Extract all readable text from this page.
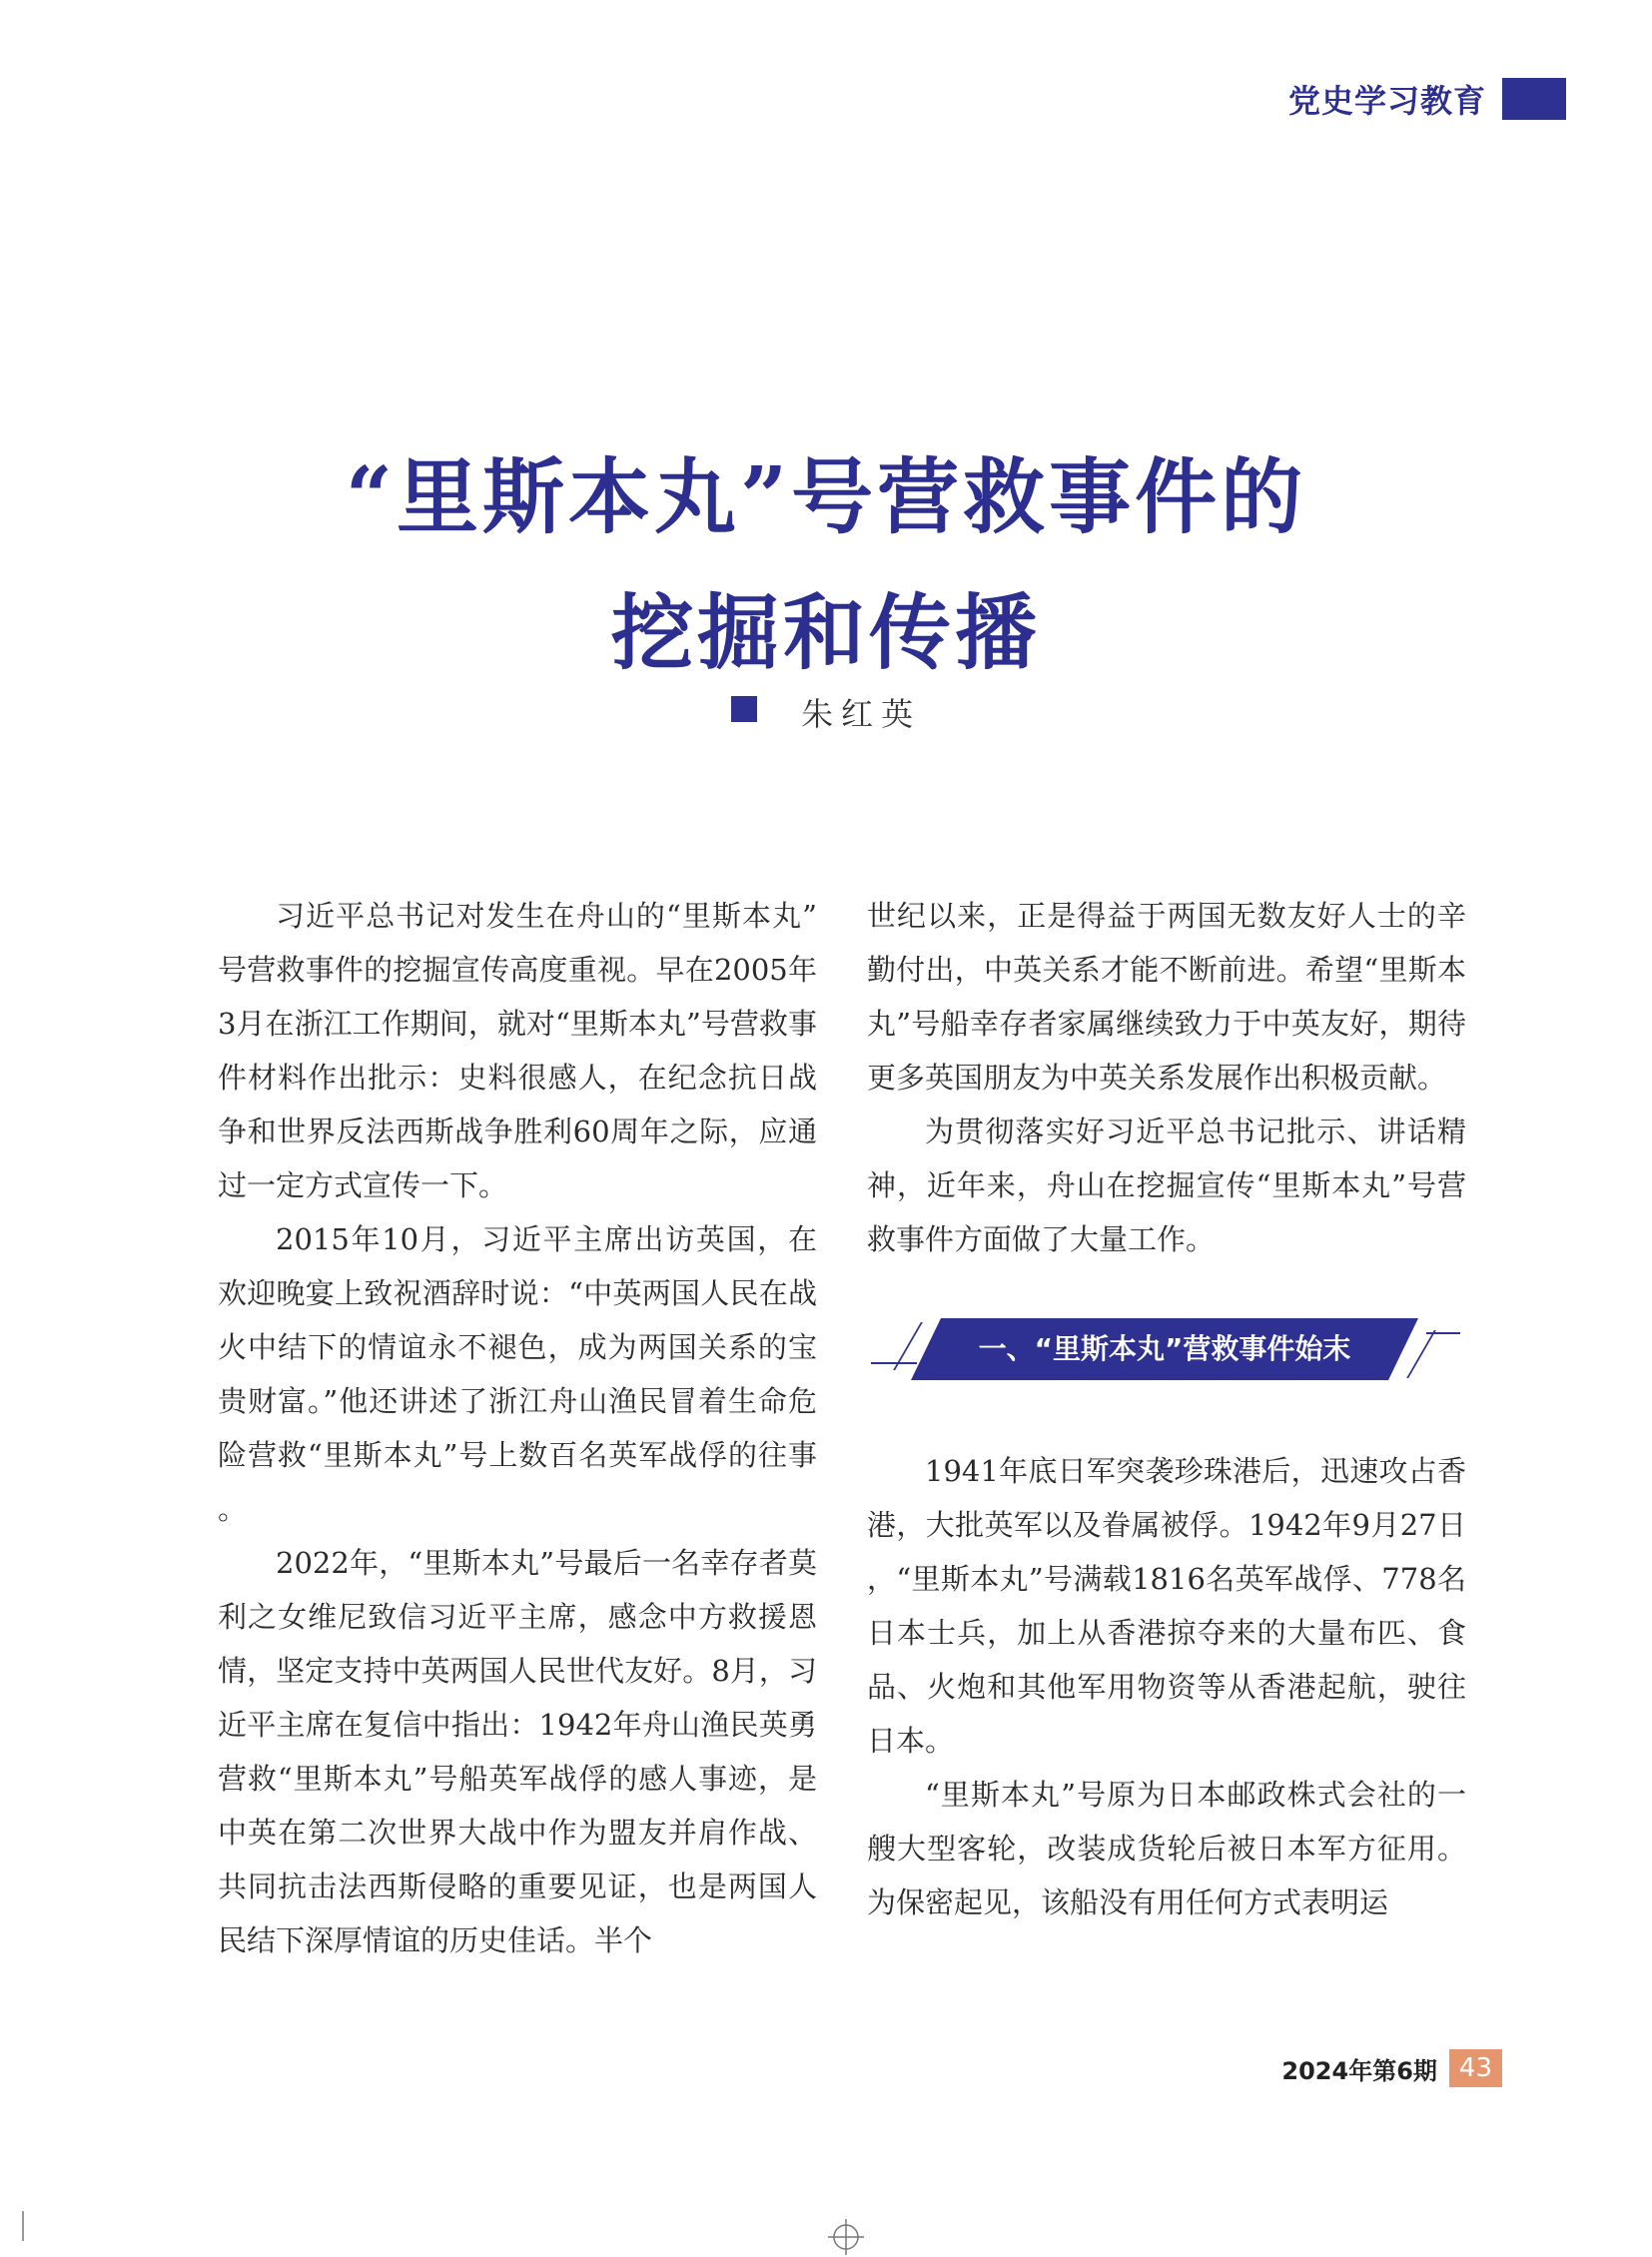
党史学习教育
“里斯本丸”号营救事件的
挖掘和传播
朱红英

习近平总书记对发生在舟山的“里斯本丸”号营救事件的挖掘宣传高度重视。早在2005年3月在浙江工作期间，就对“里斯本丸”号营救事件材料作出批示：史料很感人，在纪念抗日战争和世界反法西斯战争胜利60周年之际，应通过一定方式宣传一下。

2015年10月，习近平主席出访英国，在欢迎晚宴上致祝酒辞时说：“中英两国人民在战火中结下的情谊永不褪色，成为两国关系的宝贵财富。”他还讲述了浙江舟山渔民冒着生命危险营救“里斯本丸”号上数百名英军战俘的往事。

2022年，“里斯本丸”号最后一名幸存者莫利之女维尼致信习近平主席，感念中方救援恩情，坚定支持中英两国人民世代友好。8月，习近平主席在复信中指出：1942年舟山渔民英勇营救“里斯本丸”号船英军战俘的感人事迹，是中英在第二次世界大战中作为盟友并肩作战、共同抗击法西斯侵略的重要见证，也是两国人民结下深厚情谊的历史佳话。半个

世纪以来，正是得益于两国无数友好人士的辛勤付出，中英关系才能不断前进。希望“里斯本丸”号船幸存者家属继续致力于中英友好，期待更多英国朋友为中英关系发展作出积极贡献。

为贯彻落实好习近平总书记批示、讲话精神，近年来，舟山在挖掘宣传“里斯本丸”号营救事件方面做了大量工作。

一、“里斯本丸”营救事件始末

1941年底日军突袭珍珠港后，迅速攻占香港，大批英军以及眷属被俘。1942年9月27日，“里斯本丸”号满载1816名英军战俘、778名日本士兵，加上从香港掠夺来的大量布匹、食品、火炮和其他军用物资等从香港起航，驶往日本。

“里斯本丸”号原为日本邮政株式会社的一艘大型客轮，改装成货轮后被日本军方征用。为保密起见，该船没有用任何方式表明运

2024年第6期 43
